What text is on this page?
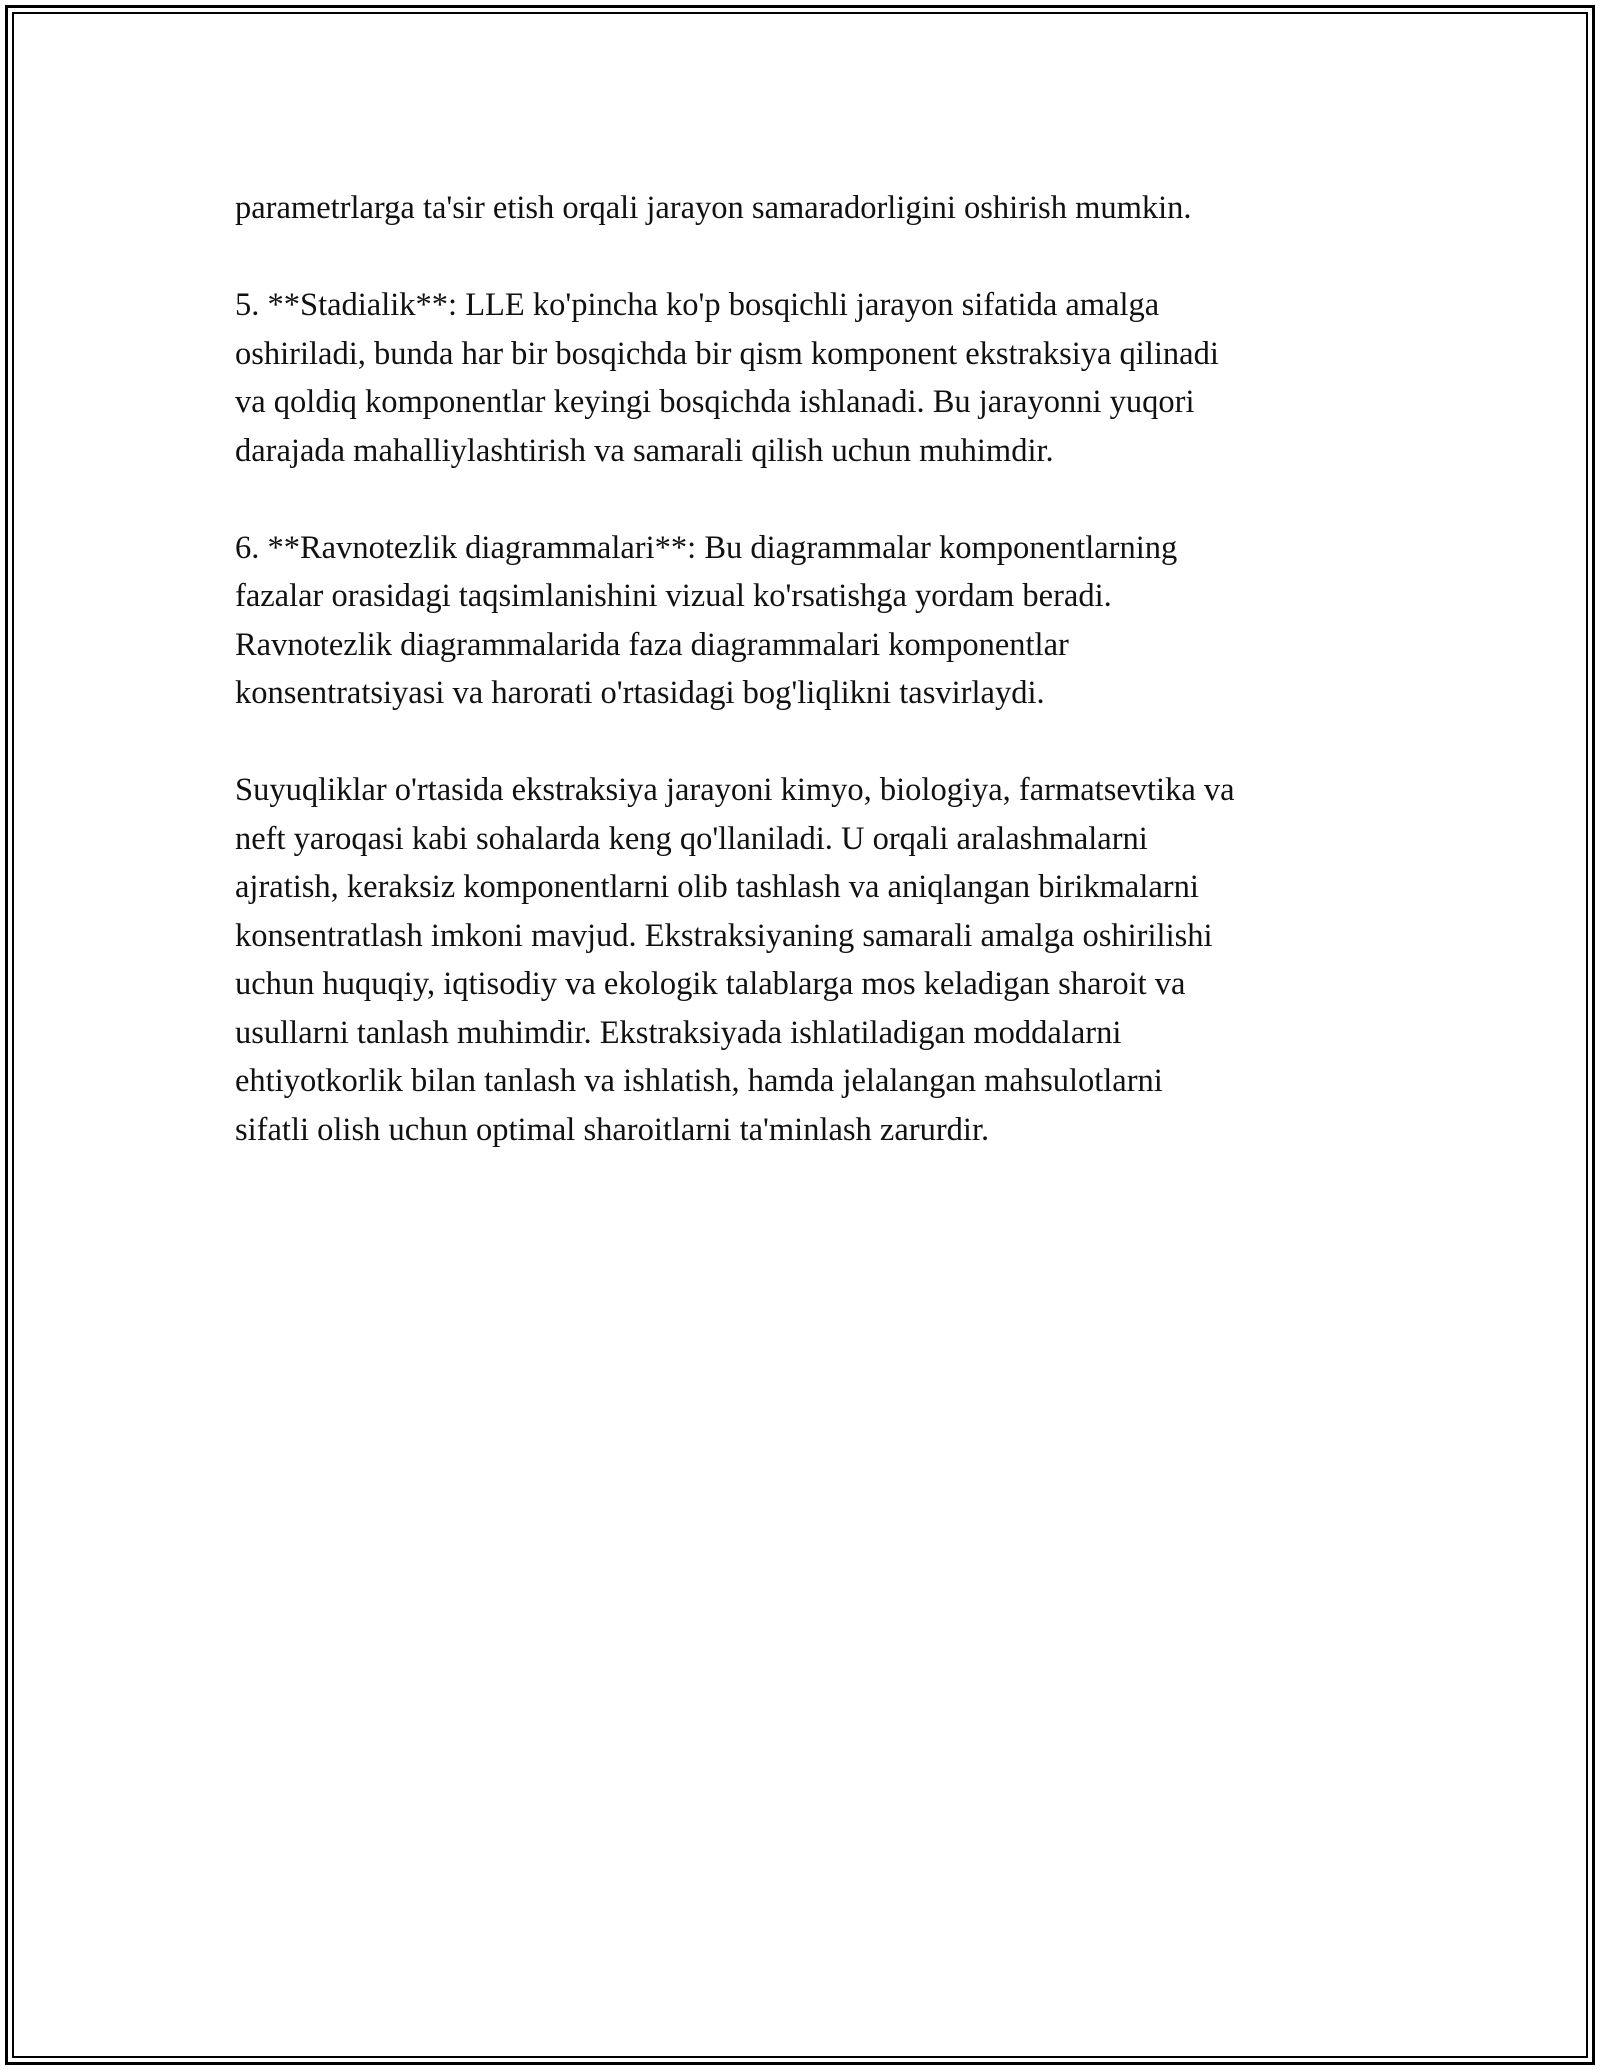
parametrlarga ta'sir etish orqali jarayon samaradorligini oshirish mumkin.

5. **Stadialik**: LLE ko'pincha ko'p bosqichli jarayon sifatida amalga
oshiriladi, bunda har bir bosqichda bir qism komponent ekstraksiya qilinadi
va qoldiq komponentlar keyingi bosqichda ishlanadi. Bu jarayonni yuqori
darajada mahalliylashtirish va samarali qilish uchun muhimdir.

6. **Ravnotezlik diagrammalari**: Bu diagrammalar komponentlarning
fazalar orasidagi taqsimlanishini vizual ko'rsatishga yordam beradi.
Ravnotezlik diagrammalarida faza diagrammalari komponentlar
konsentratsiyasi va harorati o'rtasidagi bog'liqlikni tasvirlaydi.

Suyuqliklar o'rtasida ekstraksiya jarayoni kimyo, biologiya, farmatsevtika va
neft yaroqasi kabi sohalarda keng qo'llaniladi. U orqali aralashmalarni
ajratish, keraksiz komponentlarni olib tashlash va aniqlangan birikmalarni
konsentratlash imkoni mavjud. Ekstraksiyaning samarali amalga oshirilishi
uchun huquqiy, iqtisodiy va ekologik talablarga mos keladigan sharoit va
usullarni tanlash muhimdir. Ekstraksiyada ishlatiladigan moddalarni
ehtiyotkorlik bilan tanlash va ishlatish, hamda jelalangan mahsulotlarni
sifatli olish uchun optimal sharoitlarni ta'minlash zarurdir.
